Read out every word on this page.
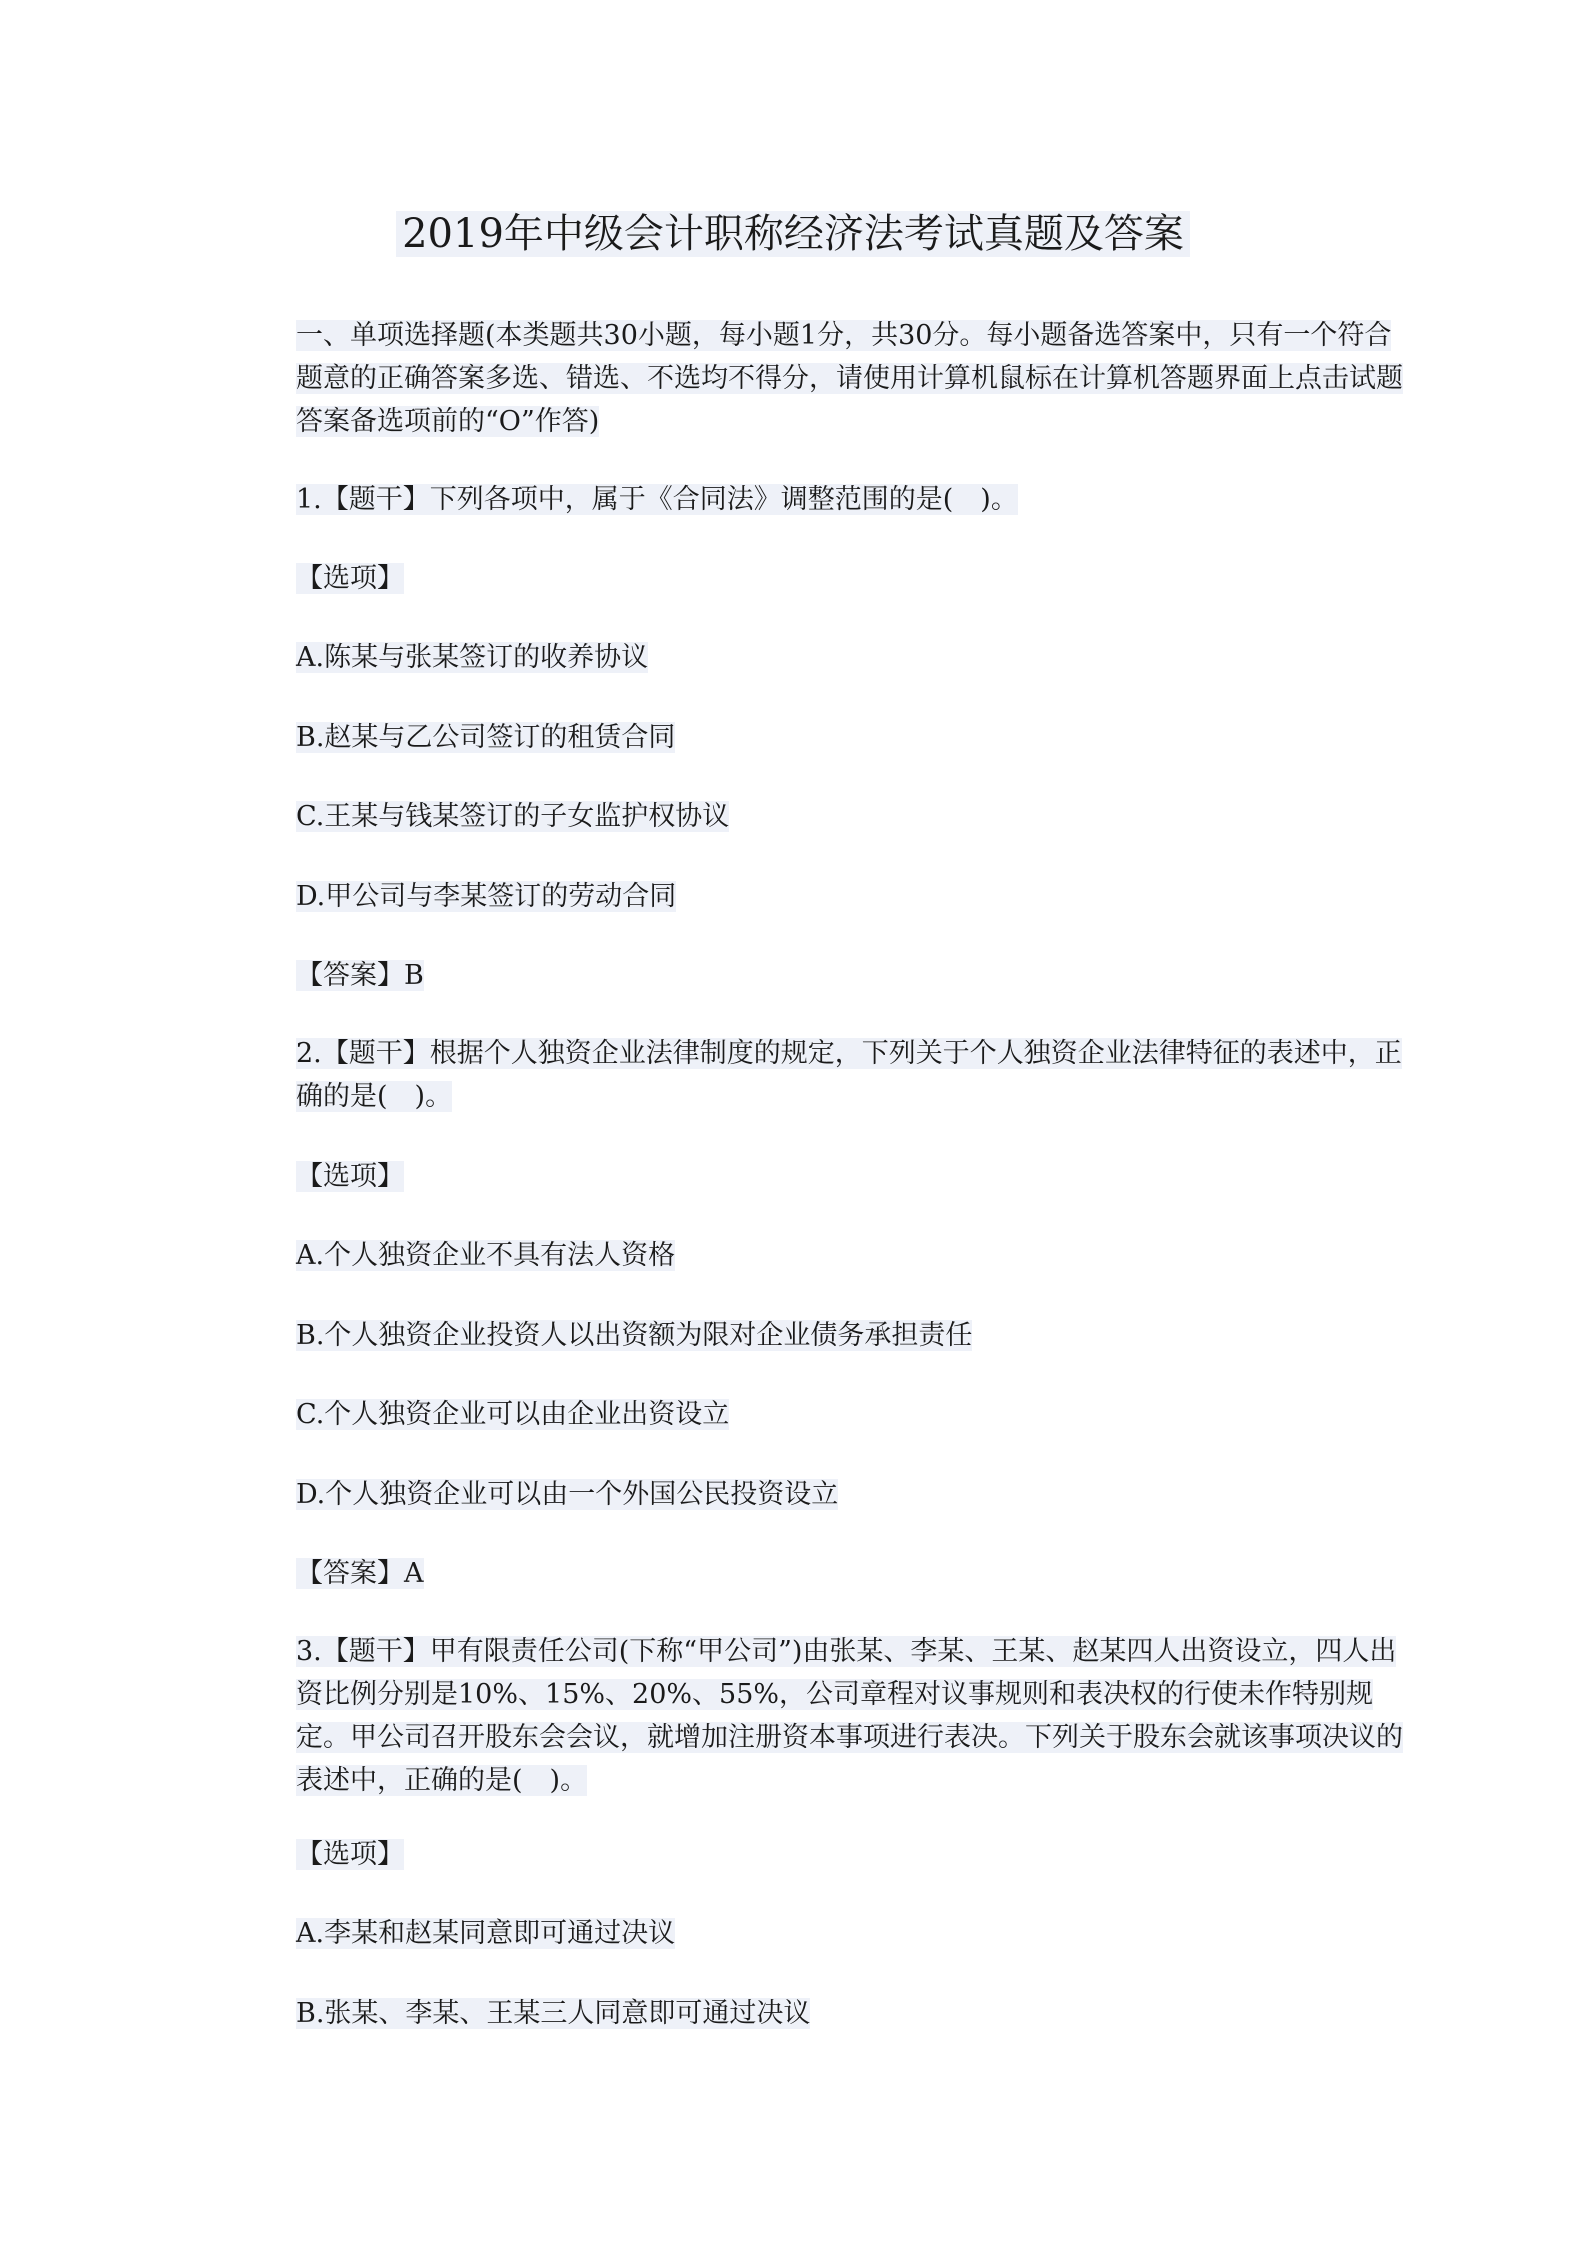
2019年中级会计职称经济法考试真题及答案
一、单项选择题(本类题共30小题，每小题1分，共30分。每小题备选答案中，只有一个符合题意的正确答案多选、错选、不选均不得分，请使用计算机鼠标在计算机答题界面上点击试题答案备选项前的“O”作答)
1.【题干】下列各项中，属于《合同法》调整范围的是(　)。
【选项】
A.陈某与张某签订的收养协议
B.赵某与乙公司签订的租赁合同
C.王某与钱某签订的子女监护权协议
D.甲公司与李某签订的劳动合同
【答案】B
2.【题干】根据个人独资企业法律制度的规定，下列关于个人独资企业法律特征的表述中，正确的是(　)。
【选项】
A.个人独资企业不具有法人资格
B.个人独资企业投资人以出资额为限对企业债务承担责任
C.个人独资企业可以由企业出资设立
D.个人独资企业可以由一个外国公民投资设立
【答案】A
3.【题干】甲有限责任公司(下称“甲公司”)由张某、李某、王某、赵某四人出资设立，四人出资比例分别是10%、15%、20%、55%，公司章程对议事规则和表决权的行使未作特别规定。甲公司召开股东会会议，就增加注册资本事项进行表决。下列关于股东会就该事项决议的表述中，正确的是(　)。
【选项】
A.李某和赵某同意即可通过决议
B.张某、李某、王某三人同意即可通过决议
